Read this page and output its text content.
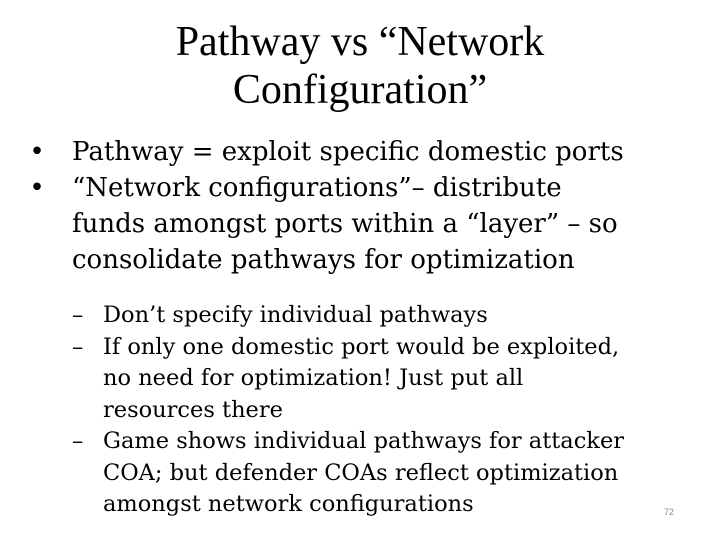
Pathway vs “Network
Configuration”
• Pathway = exploit specific domestic ports
• “Network configurations”– distribute
funds amongst ports within a “layer” – so
consolidate pathways for optimization
– Don’t specify individual pathways
– If only one domestic port would be exploited,
no need for optimization! Just put all
resources there
– Game shows individual pathways for attacker
COA; but defender COAs reflect optimization
amongst network configurations	72
